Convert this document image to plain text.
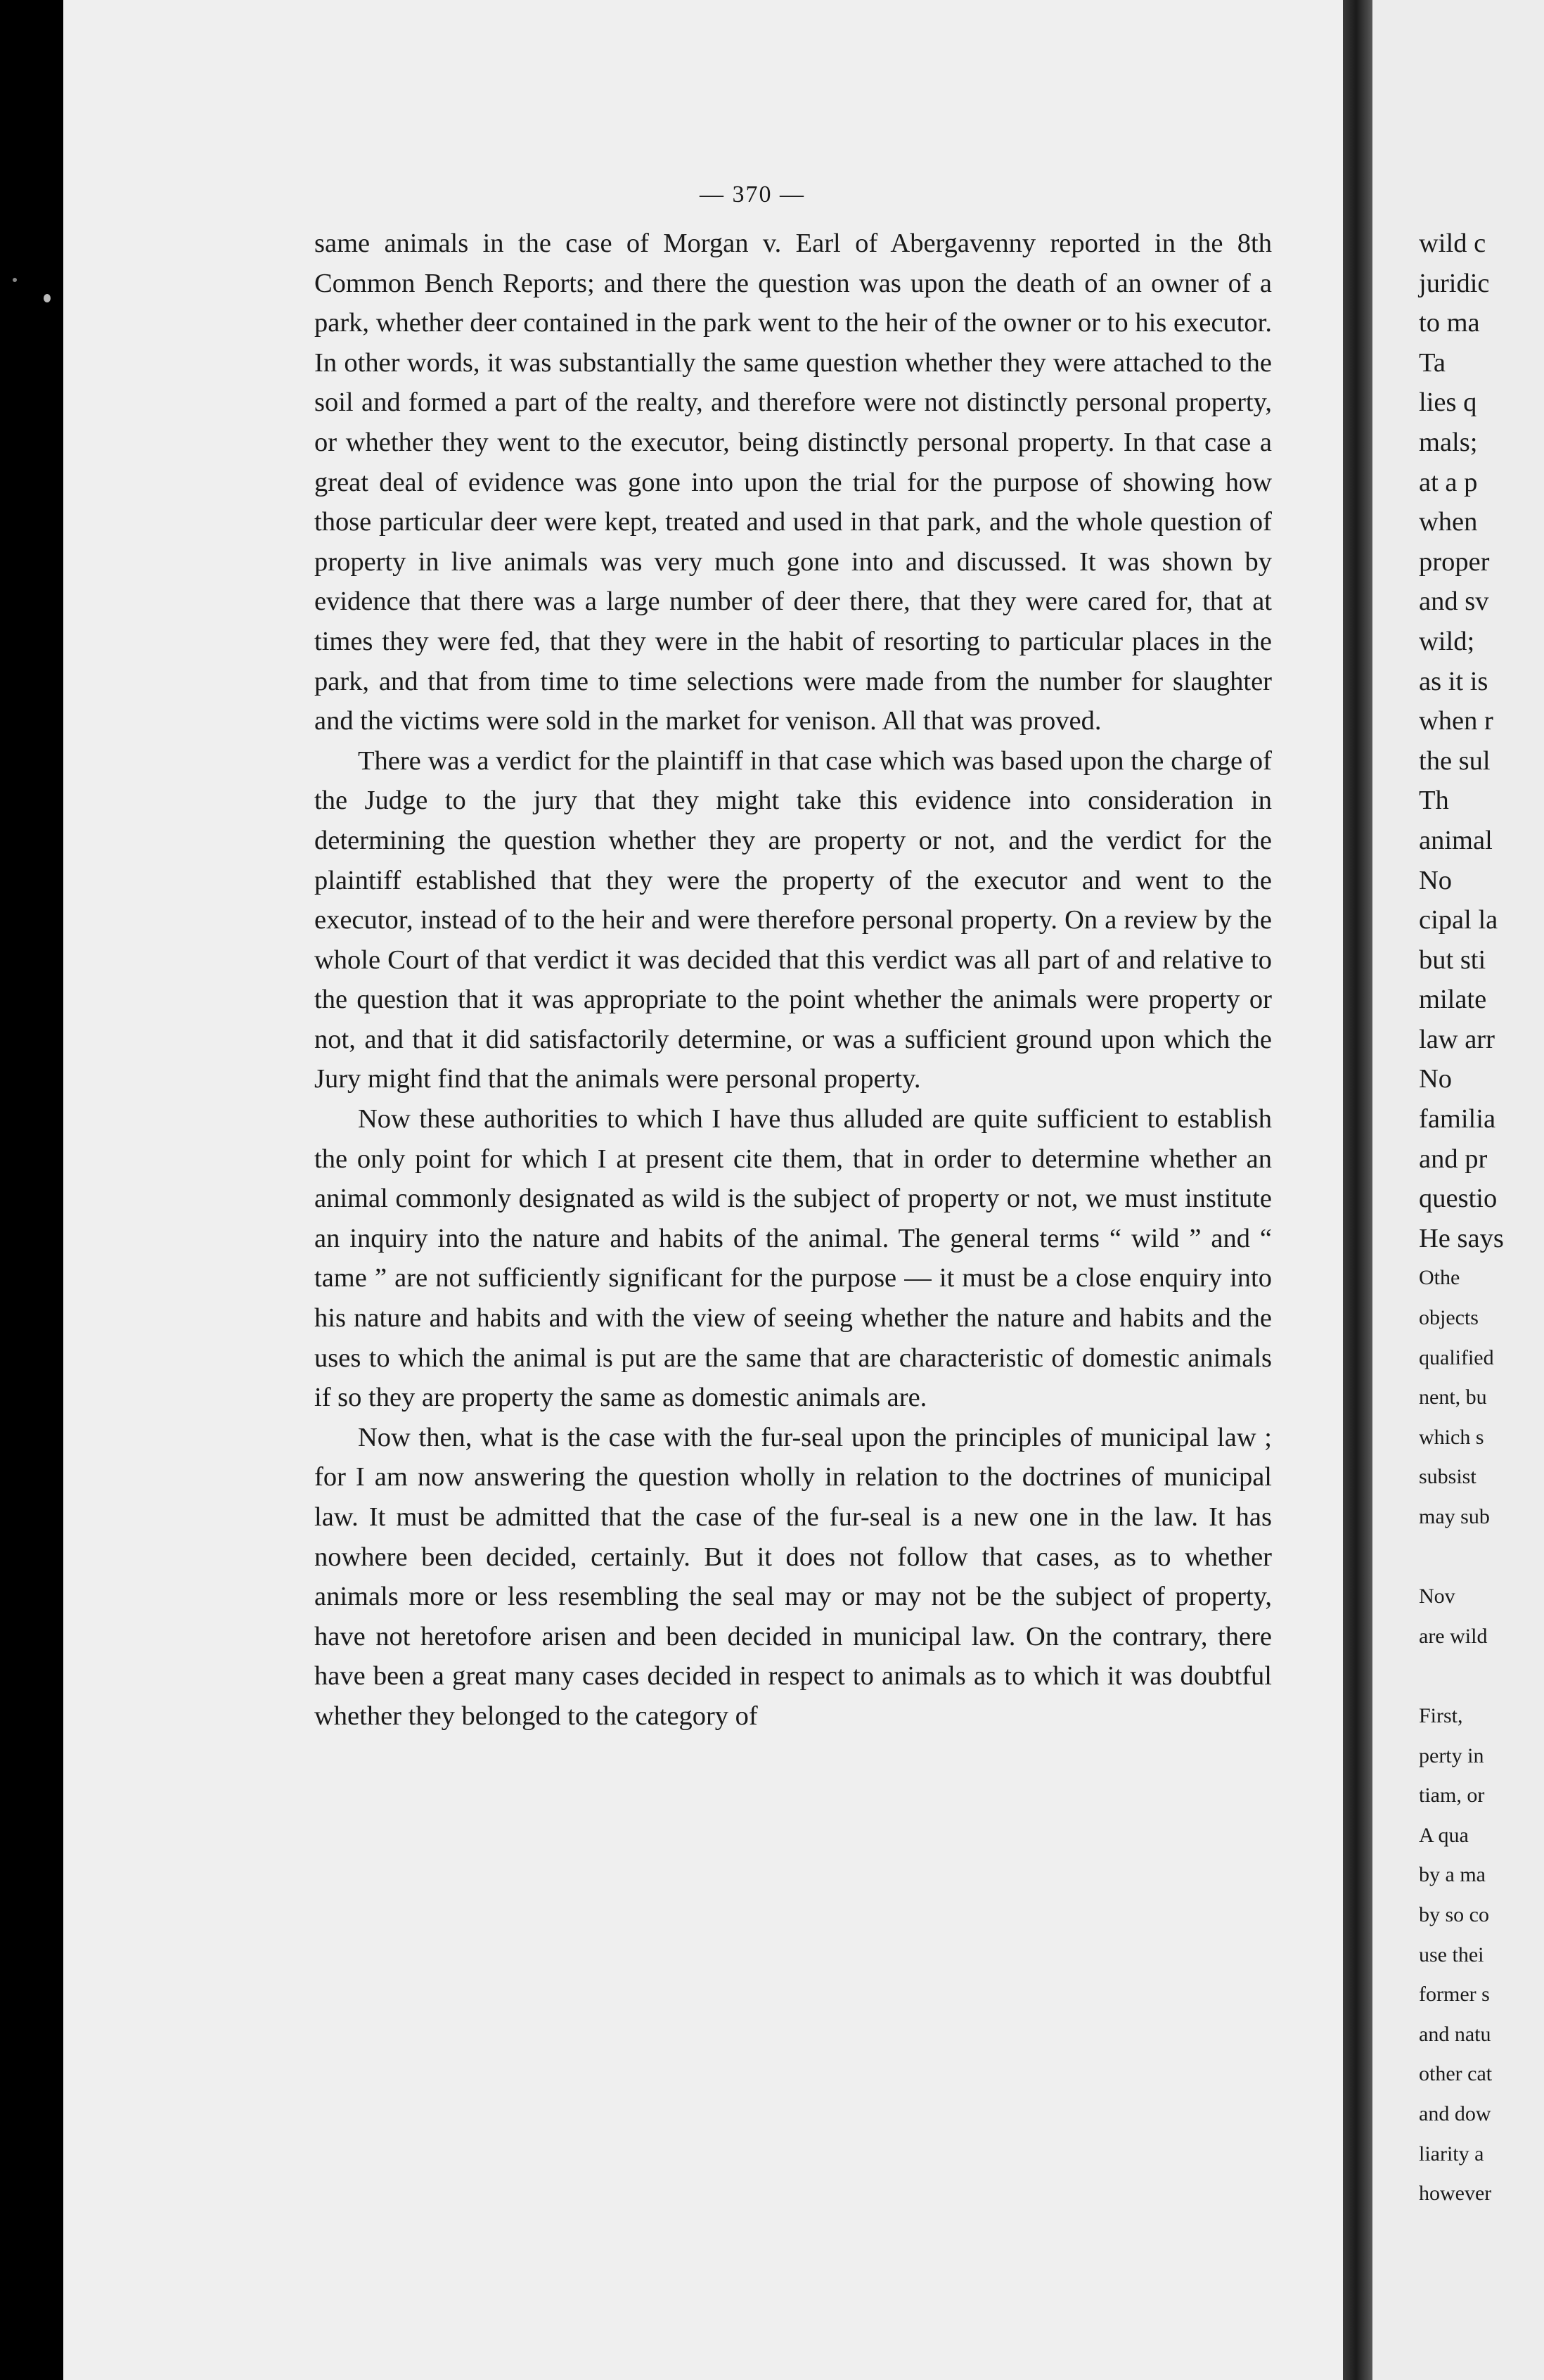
wild c
juridic
to ma
Ta
lies q
mals;
at a p
when
proper
and sv
wild;
as it is
when r
the sul
Th
animal
No
cipal la
but sti
milate
law arr
No
familia
and pr
questio
He says
Othe
objects
qualified
nent, bu
which s
subsist
may sub
Nov
are wild
First,
perty in
tiam, or
A qua
by a ma
by so co
use thei
former s
and natu
other cat
and dow
liarity a
however
— 370 —

same animals in the case of Morgan v. Earl of Abergavenny reported in the 8th Common Bench Reports; and there the question was upon the death of an owner of a park, whether deer contained in the park went to the heir of the owner or to his executor. In other words, it was substantially the same question whether they were attached to the soil and formed a part of the realty, and therefore were not distinctly personal property, or whether they went to the executor, being distinctly personal property. In that case a great deal of evidence was gone into upon the trial for the purpose of showing how those particular deer were kept, treated and used in that park, and the whole question of property in live animals was very much gone into and discussed. It was shown by evidence that there was a large number of deer there, that they were cared for, that at times they were fed, that they were in the habit of resorting to particular places in the park, and that from time to time selections were made from the number for slaughter and the victims were sold in the market for venison. All that was proved.

There was a verdict for the plaintiff in that case which was based upon the charge of the Judge to the jury that they might take this evidence into consideration in determining the question whether they are property or not, and the verdict for the plaintiff established that they were the property of the executor and went to the executor, instead of to the heir and were therefore personal property. On a review by the whole Court of that verdict it was decided that this verdict was all part of and relative to the question that it was appropriate to the point whether the animals were property or not, and that it did satisfactorily determine, or was a sufficient ground upon which the Jury might find that the animals were personal property.

Now these authorities to which I have thus alluded are quite sufficient to establish the only point for which I at present cite them, that in order to determine whether an animal commonly designated as wild is the subject of property or not, we must institute an inquiry into the nature and habits of the animal. The general terms “ wild ” and “ tame ” are not sufficiently significant for the purpose — it must be a close enquiry into his nature and habits and with the view of seeing whether the nature and habits and the uses to which the animal is put are the same that are characteristic of domestic animals if so they are property the same as domestic animals are.

Now then, what is the case with the fur-seal upon the principles of municipal law ; for I am now answering the question wholly in relation to the doctrines of municipal law. It must be admitted that the case of the fur-seal is a new one in the law. It has nowhere been decided, certainly. But it does not follow that cases, as to whether animals more or less resembling the seal may or may not be the subject of property, have not heretofore arisen and been decided in municipal law. On the contrary, there have been a great many cases decided in respect to animals as to which it was doubtful whether they belonged to the category of
